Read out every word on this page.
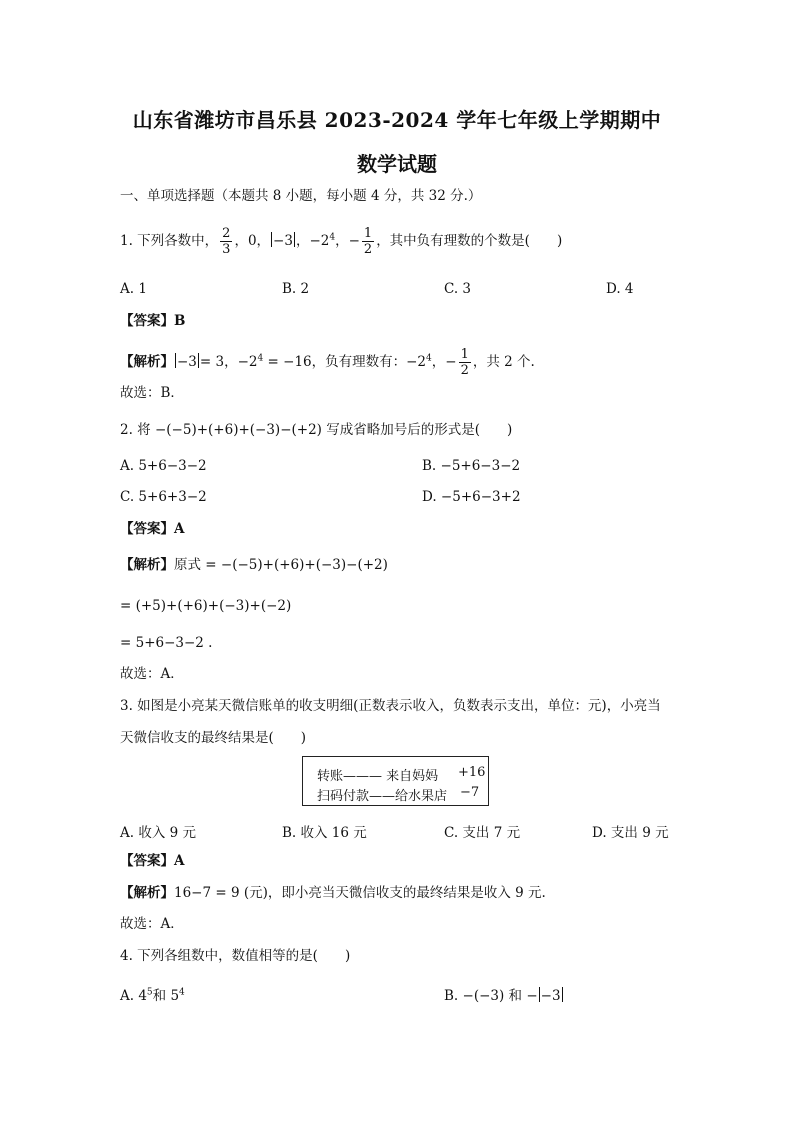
山东省潍坊市昌乐县 2023-2024 学年七年级上学期期中
数学试题
一、单项选择题（本题共 8 小题，每小题 4 分，共 32 分.）
1. 下列各数中， $\frac{2}{3}$ ，0， −3 ，$-2^4$，− $\frac{1}{2}$ ，其中负有理数的个数是(　　)
A. 1	B. 2	C. 3	D. 4
【答案】B
【解析】 −3 = 3，$-2^4 = -16$，负有理数有：$-2^4$，− $\frac{1}{2}$ ，共 2 个.
故选：B．
2. 将 −(−5)+(+6)+(−3)−(+2) 写成省略加号后的形式是(　　)
A. 5+6−3−2	B. −5+6−3−2
C. 5+6+3−2	D. −5+6−3+2
【答案】A
【解析】原式 = −(−5)+(+6)+(−3)−(+2)
= (+5)+(+6)+(−3)+(−2)
= 5+6−3−2 .
故选：A．
3. 如图是小亮某天微信账单的收支明细(正数表示收入，负数表示支出，单位：元)，小亮当
天微信收支的最终结果是(　　)
转账——— 来自妈妈 +16
扫码付款——给水果店 −7
A. 收入 9 元	B. 收入 16 元	C. 支出 7 元	D. 支出 9 元
【答案】A
【解析】16−7 = 9 (元)，即小亮当天微信收支的最终结果是收入 9 元.
故选：A．
4. 下列各组数中，数值相等的是(　　)
A. $4^5$和 $5^4$	B. −(−3) 和 − −3
